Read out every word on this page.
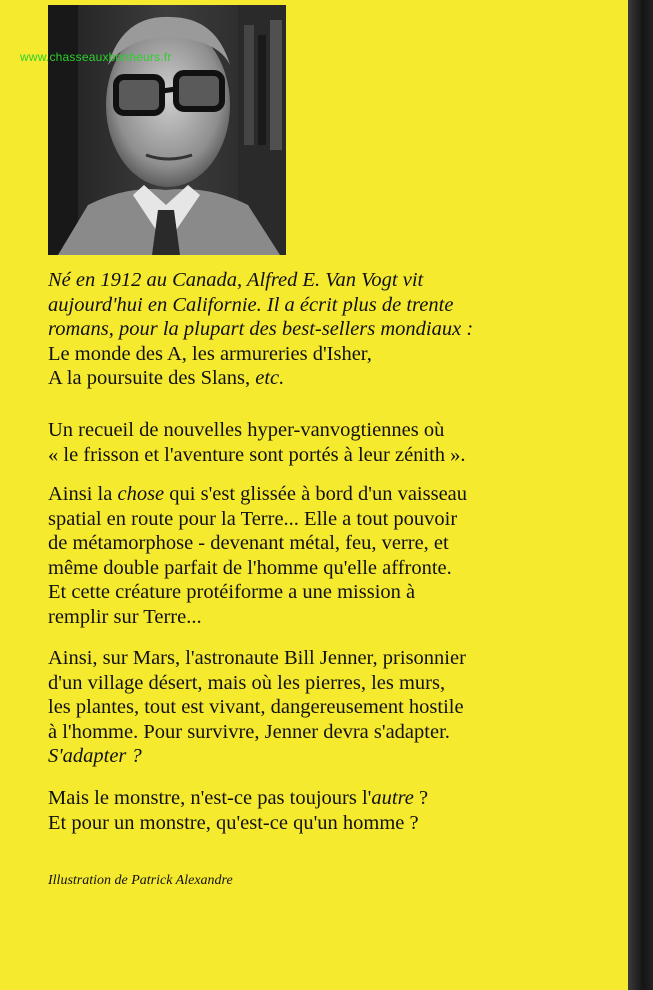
www.chasseauxbonheurs.fr

Né en 1912 au Canada, Alfred E. Van Vogt vit

aujourd'hui en Californie. Il a écrit plus de trente

romans, pour la plupart des best-sellers mondiaux :

Le monde des A, les armureries d'Isher,

A la poursuite des Slans, etc.

Un recueil de nouvelles hyper-vanvogtiennes où

« le frisson et l'aventure sont portés à leur zénith ».

Ainsi la chose qui s'est glissée à bord d'un vaisseau

spatial en route pour la Terre... Elle a tout pouvoir

de métamorphose - devenant métal, feu, verre, et

même double parfait de l'homme qu'elle affronte.

Et cette créature protéiforme a une mission à

remplir sur Terre...

Ainsi, sur Mars, l'astronaute Bill Jenner, prisonnier

d'un village désert, mais où les pierres, les murs,

les plantes, tout est vivant, dangereusement hostile

à l'homme. Pour survivre, Jenner devra s'adapter.

S'adapter ?

Mais le monstre, n'est-ce pas toujours l'autre ?

Et pour un monstre, qu'est-ce qu'un homme ?

Illustration de Patrick Alexandre
